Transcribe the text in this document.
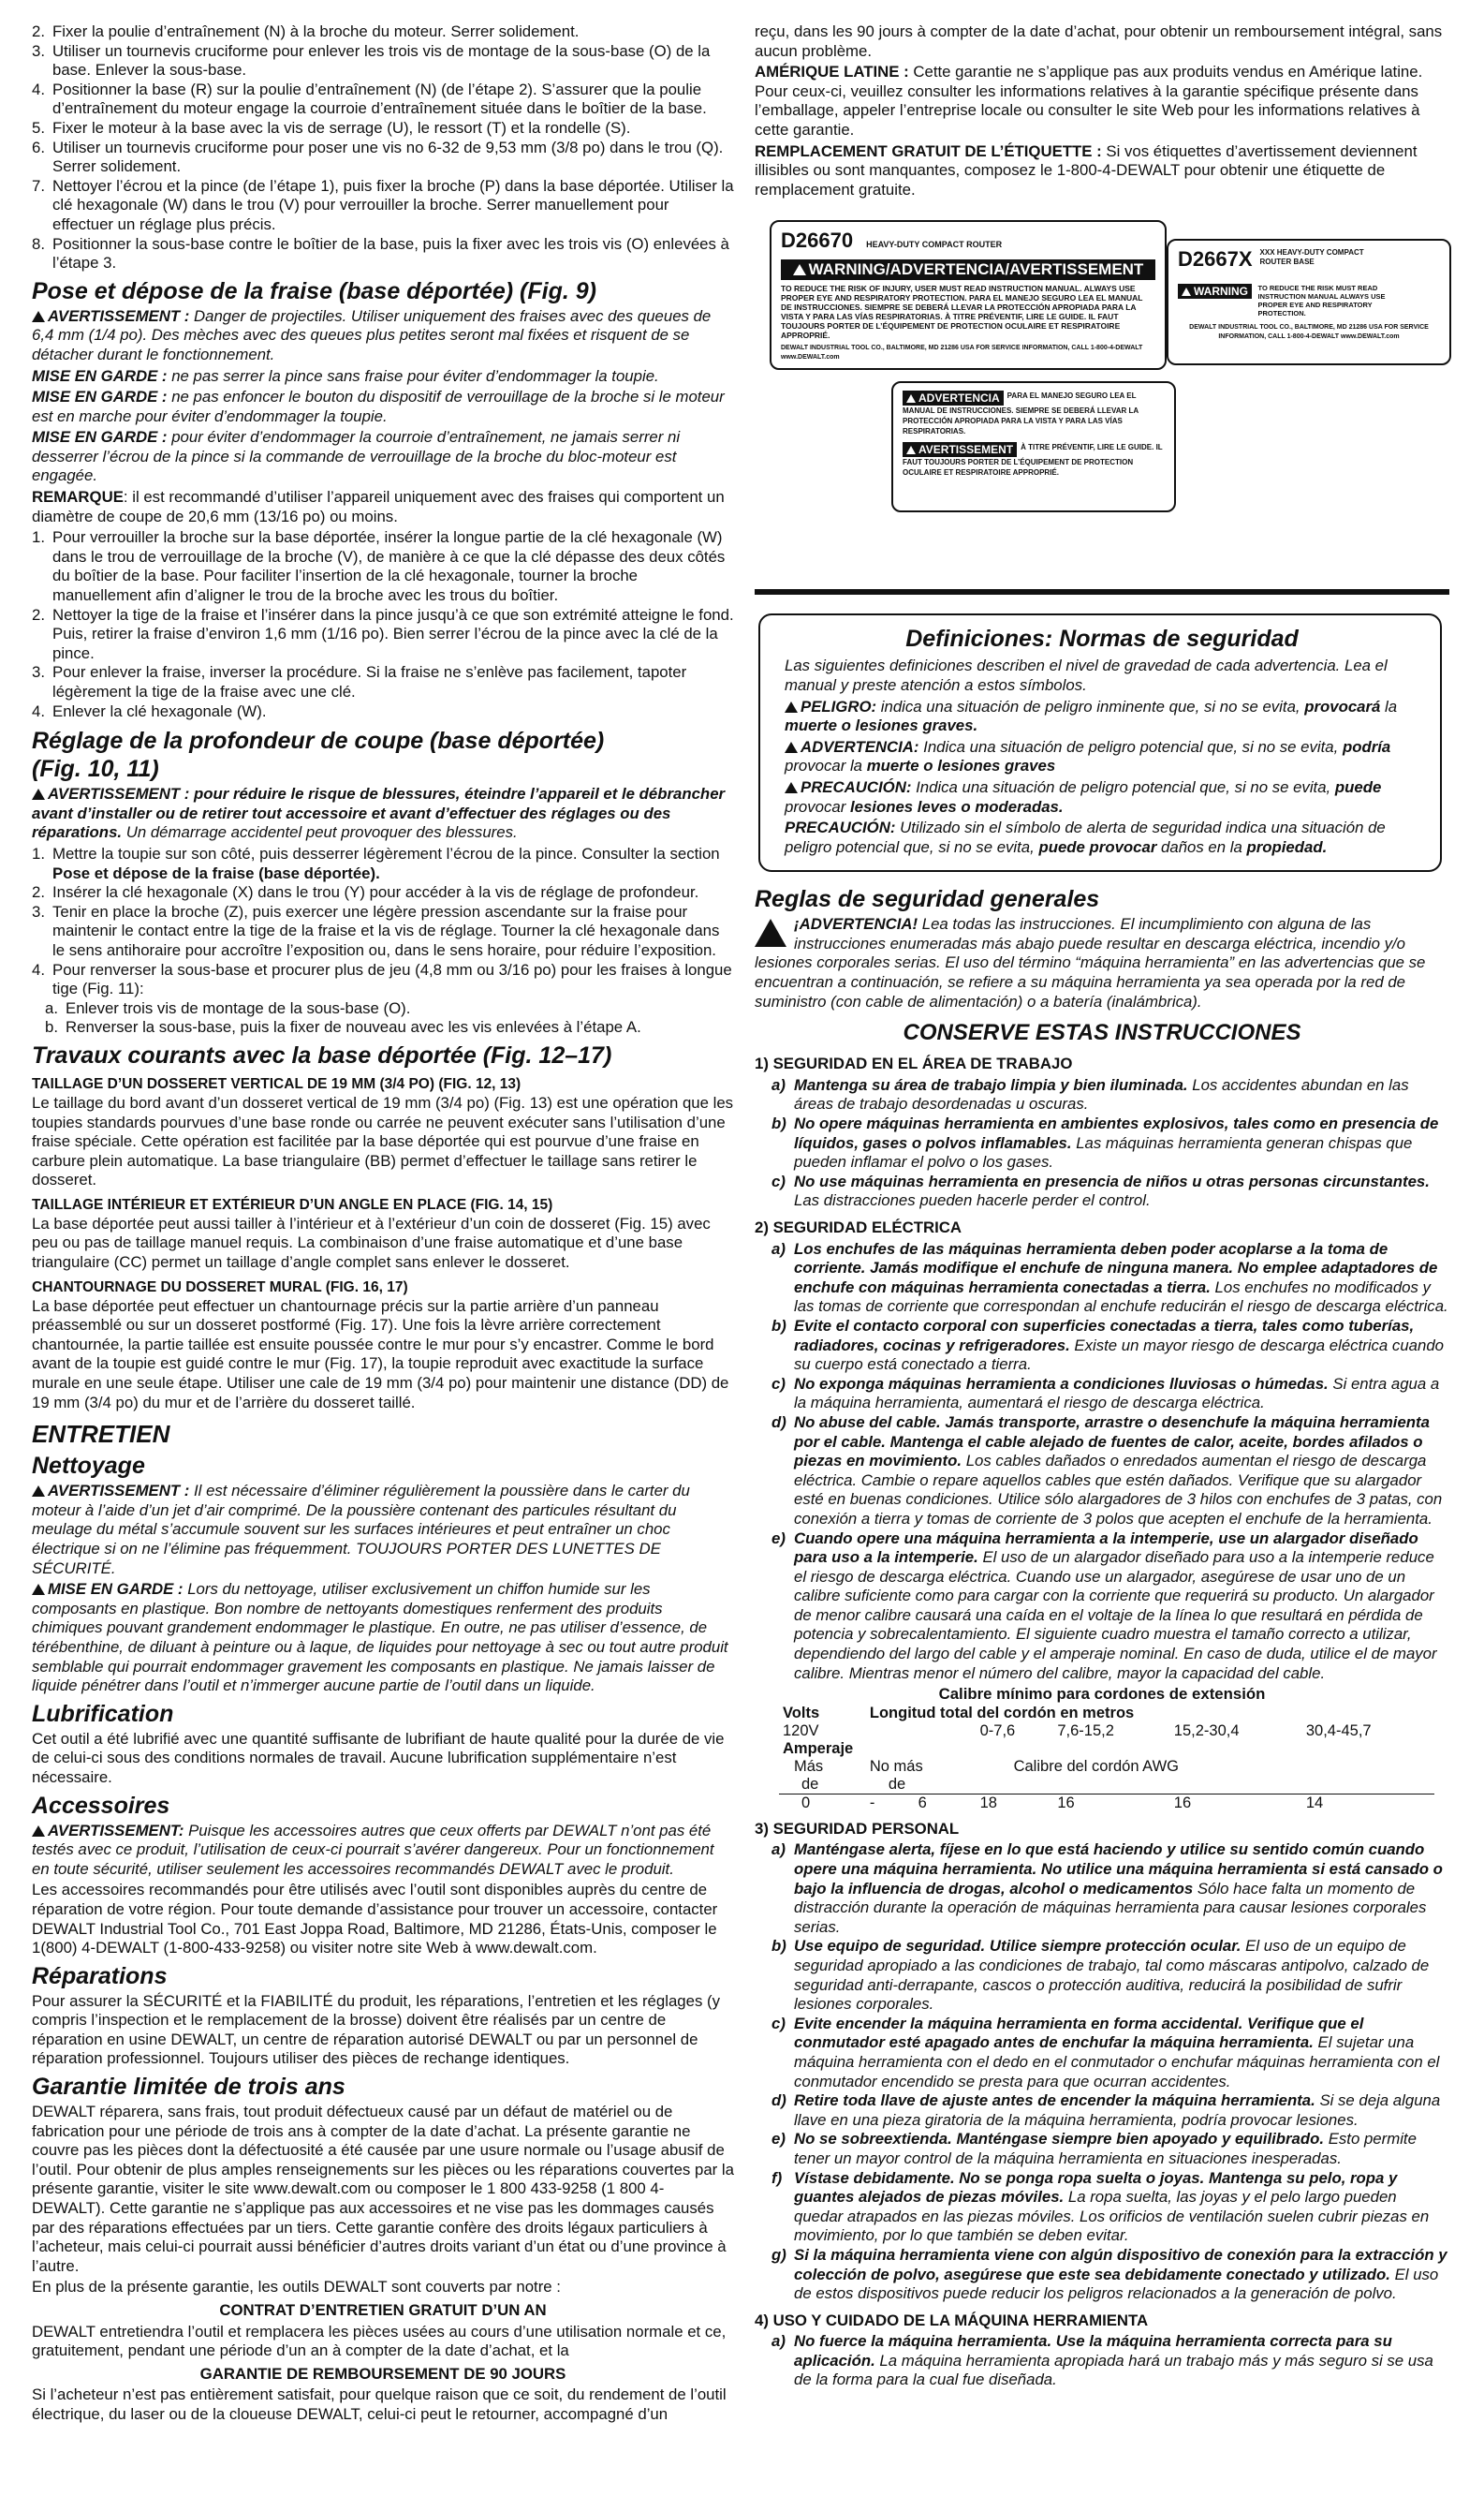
2. Fixer la poulie d’entraînement (N) à la broche du moteur. Serrer solidement.
3. Utiliser un tournevis cruciforme pour enlever les trois vis de montage de la sous-base (O) de la base. Enlever la sous-base.
4. Positionner la base (R) sur la poulie d’entraînement (N) (de l’étape 2). S’assurer que la poulie d’entraînement du moteur engage la courroie d’entraînement située dans le boîtier de la base.
5. Fixer le moteur à la base avec la vis de serrage (U), le ressort (T) et la rondelle (S).
6. Utiliser un tournevis cruciforme pour poser une vis no 6-32 de 9,53 mm (3/8 po) dans le trou (Q). Serrer solidement.
7. Nettoyer l’écrou et la pince (de l’étape 1), puis fixer la broche (P) dans la base déportée. Utiliser la clé hexagonale (W) dans le trou (V) pour verrouiller la broche. Serrer manuellement pour effectuer un réglage plus précis.
8. Positionner la sous-base contre le boîtier de la base, puis la fixer avec les trois vis (O) enlevées à l’étape 3.
Pose et dépose de la fraise (base déportée) (Fig. 9)

AVERTISSEMENT : Danger de projectiles. Utiliser uniquement des fraises avec des queues de 6,4 mm (1/4 po). Des mèches avec des queues plus petites seront mal fixées et risquent de se détacher durant le fonctionnement.

MISE EN GARDE : ne pas serrer la pince sans fraise pour éviter d’endommager la toupie.

MISE EN GARDE : ne pas enfoncer le bouton du dispositif de verrouillage de la broche si le moteur est en marche pour éviter d’endommager la toupie.

MISE EN GARDE : pour éviter d’endommager la courroie d’entraînement, ne jamais serrer ni desserrer l’écrou de la pince si la commande de verrouillage de la broche du bloc-moteur est engagée.

REMARQUE: il est recommandé d’utiliser l’appareil uniquement avec des fraises qui comportent un diamètre de coupe de 20,6 mm (13/16 po) ou moins.

1. Pour verrouiller la broche sur la base déportée, insérer la longue partie de la clé hexagonale (W) dans le trou de verrouillage de la broche (V), de manière à ce que la clé dépasse des deux côtés du boîtier de la base. Pour faciliter l’insertion de la clé hexagonale, tourner la broche manuellement afin d’aligner le trou de la broche avec les trous du boîtier.
2. Nettoyer la tige de la fraise et l’insérer dans la pince jusqu’à ce que son extrémité atteigne le fond. Puis, retirer la fraise d’environ 1,6 mm (1/16 po). Bien serrer l’écrou de la pince avec la clé de la pince.
3. Pour enlever la fraise, inverser la procédure. Si la fraise ne s’enlève pas facilement, tapoter légèrement la tige de la fraise avec une clé.
4. Enlever la clé hexagonale (W).
Réglage de la profondeur de coupe (base déportée)
(Fig. 10, 11)

AVERTISSEMENT : pour réduire le risque de blessures, éteindre l’appareil et le débrancher avant d’installer ou de retirer tout accessoire et avant d’effectuer des réglages ou des réparations. Un démarrage accidentel peut provoquer des blessures.

1. Mettre la toupie sur son côté, puis desserrer légèrement l’écrou de la pince. Consulter la section Pose et dépose de la fraise (base déportée).
2. Insérer la clé hexagonale (X) dans le trou (Y) pour accéder à la vis de réglage de profondeur.
3. Tenir en place la broche (Z), puis exercer une légère pression ascendante sur la fraise pour maintenir le contact entre la tige de la fraise et la vis de réglage. Tourner la clé hexagonale dans le sens antihoraire pour accroître l’exposition ou, dans le sens horaire, pour réduire l’exposition.
4. Pour renverser la sous-base et procurer plus de jeu (4,8 mm ou 3/16 po) pour les fraises à longue tige (Fig. 11):
a. Enlever trois vis de montage de la sous-base (O).
b. Renverser la sous-base, puis la fixer de nouveau avec les vis enlevées à l’étape A.
Travaux courants avec la base déportée (Fig. 12–17)
TAILLAGE D’UN DOSSERET VERTICAL DE 19 MM (3/4 PO) (FIG. 12, 13)

Le taillage du bord avant d’un dosseret vertical de 19 mm (3/4 po) (Fig. 13) est une opération que les toupies standards pourvues d’une base ronde ou carrée ne peuvent exécuter sans l’utilisation d’une fraise spéciale. Cette opération est facilitée par la base déportée qui est pourvue d’une fraise en carbure plein automatique. La base triangulaire (BB) permet d’effectuer le taillage sans retirer le dosseret.

TAILLAGE INTÉRIEUR ET EXTÉRIEUR D’UN ANGLE EN PLACE (FIG. 14, 15)

La base déportée peut aussi tailler à l’intérieur et à l’extérieur d’un coin de dosseret (Fig. 15) avec peu ou pas de taillage manuel requis. La combinaison d’une fraise automatique et d’une base triangulaire (CC) permet un taillage d’angle complet sans enlever le dosseret.

CHANTOURNAGE DU DOSSERET MURAL (FIG. 16, 17)

La base déportée peut effectuer un chantournage précis sur la partie arrière d’un panneau préassemblé ou sur un dosseret postformé (Fig. 17). Une fois la lèvre arrière correctement chantournée, la partie taillée est ensuite poussée contre le mur pour s’y encastrer. Comme le bord avant de la toupie est guidé contre le mur (Fig. 17), la toupie reproduit avec exactitude la surface murale en une seule étape. Utiliser une cale de 19 mm (3/4 po) pour maintenir une distance (DD) de 19 mm (3/4 po) du mur et de l’arrière du dosseret taillé.

ENTRETIEN
Nettoyage

AVERTISSEMENT : Il est nécessaire d’éliminer régulièrement la poussière dans le carter du moteur à l’aide d’un jet d’air comprimé. De la poussière contenant des particules résultant du meulage du métal s’accumule souvent sur les surfaces intérieures et peut entraîner un choc électrique si on ne l’élimine pas fréquemment. TOUJOURS PORTER DES LUNETTES DE SÉCURITÉ.

MISE EN GARDE : Lors du nettoyage, utiliser exclusivement un chiffon humide sur les composants en plastique. Bon nombre de nettoyants domestiques renferment des produits chimiques pouvant grandement endommager le plastique. En outre, ne pas utiliser d’essence, de térébenthine, de diluant à peinture ou à laque, de liquides pour nettoyage à sec ou tout autre produit semblable qui pourrait endommager gravement les composants en plastique. Ne jamais laisser de liquide pénétrer dans l’outil et n’immerger aucune partie de l’outil dans un liquide.

Lubrification

Cet outil a été lubrifié avec une quantité suffisante de lubrifiant de haute qualité pour la durée de vie de celui-ci sous des conditions normales de travail. Aucune lubrification supplémentaire n’est nécessaire.

Accessoires

AVERTISSEMENT: Puisque les accessoires autres que ceux offerts par DEWALT n’ont pas été testés avec ce produit, l’utilisation de ceux-ci pourrait s’avérer dangereux. Pour un fonctionnement en toute sécurité, utiliser seulement les accessoires recommandés DEWALT avec le produit.

Les accessoires recommandés pour être utilisés avec l’outil sont disponibles auprès du centre de réparation de votre région. Pour toute demande d’assistance pour trouver un accessoire, contacter DEWALT Industrial Tool Co., 701 East Joppa Road, Baltimore, MD 21286, États-Unis, composer le 1(800) 4-DEWALT (1-800-433-9258) ou visiter notre site Web à www.dewalt.com.

Réparations

Pour assurer la SÉCURITÉ et la FIABILITÉ du produit, les réparations, l’entretien et les réglages (y compris l’inspection et le remplacement de la brosse) doivent être réalisés par un centre de réparation en usine DEWALT, un centre de réparation autorisé DEWALT ou par un personnel de réparation professionnel. Toujours utiliser des pièces de rechange identiques.

Garantie limitée de trois ans

DEWALT réparera, sans frais, tout produit défectueux causé par un défaut de matériel ou de fabrication pour une période de trois ans à compter de la date d’achat. La présente garantie ne couvre pas les pièces dont la défectuosité a été causée par une usure normale ou l’usage abusif de l’outil. Pour obtenir de plus amples renseignements sur les pièces ou les réparations couvertes par la présente garantie, visiter le site www.dewalt.com ou composer le 1 800 433-9258 (1 800 4-DEWALT). Cette garantie ne s’applique pas aux accessoires et ne vise pas les dommages causés par des réparations effectuées par un tiers. Cette garantie confère des droits légaux particuliers à l’acheteur, mais celui-ci pourrait aussi bénéficier d’autres droits variant d’un état ou d’une province à l’autre.

En plus de la présente garantie, les outils DEWALT sont couverts par notre :

CONTRAT D’ENTRETIEN GRATUIT D’UN AN

DEWALT entretiendra l’outil et remplacera les pièces usées au cours d’une utilisation normale et ce, gratuitement, pendant une période d’un an à compter de la date d’achat, et la

GARANTIE DE REMBOURSEMENT DE 90 JOURS

Si l’acheteur n’est pas entièrement satisfait, pour quelque raison que ce soit, du rendement de l’outil électrique, du laser ou de la cloueuse DEWALT, celui-ci peut le retourner, accompagné d’un

reçu, dans les 90 jours à compter de la date d’achat, pour obtenir un remboursement intégral, sans aucun problème.

AMÉRIQUE LATINE : Cette garantie ne s’applique pas aux produits vendus en Amérique latine. Pour ceux-ci, veuillez consulter les informations relatives à la garantie spécifique présente dans l’emballage, appeler l’entreprise locale ou consulter le site Web pour les informations relatives à cette garantie.

REMPLACEMENT GRATUIT DE L’ÉTIQUETTE : Si vos étiquettes d’avertissement deviennent illisibles ou sont manquantes, composez le 1-800-4-DEWALT pour obtenir une étiquette de remplacement gratuite.

D26670 HEAVY-DUTY COMPACT ROUTER
WARNING/ADVERTENCIA/AVERTISSEMENT
TO REDUCE THE RISK OF INJURY, USER MUST READ INSTRUCTION MANUAL. ALWAYS USE PROPER EYE AND RESPIRATORY PROTECTION. PARA EL MANEJO SEGURO LEA EL MANUAL DE INSTRUCCIONES. SIEMPRE SE DEBERÁ LLEVAR LA PROTECCIÓN APROPIADA PARA LA VISTA Y PARA LAS VÍAS RESPIRATORIAS. À TITRE PRÉVENTIF, LIRE LE GUIDE. IL FAUT TOUJOURS PORTER DE L’ÉQUIPEMENT DE PROTECTION OCULAIRE ET RESPIRATOIRE APPROPRIÉ.
DEWALT INDUSTRIAL TOOL CO., BALTIMORE, MD 21286 USA FOR SERVICE INFORMATION, CALL 1-800-4-DEWALT www.DEWALT.com
D2667X XXX HEAVY-DUTY COMPACT ROUTER BASE
WARNING TO REDUCE THE RISK MUST READ INSTRUCTION MANUAL ALWAYS USE PROPER EYE AND RESPIRATORY PROTECTION.
DEWALT INDUSTRIAL TOOL CO., BALTIMORE, MD 21286 USA FOR SERVICE INFORMATION, CALL 1-800-4-DEWALT www.DEWALT.com
ADVERTENCIA PARA EL MANEJO SEGURO LEA EL MANUAL DE INSTRUCCIONES. SIEMPRE SE DEBERÁ LLEVAR LA PROTECCIÓN APROPIADA PARA LA VISTA Y PARA LAS VÍAS RESPIRATORIAS.
AVERTISSEMENT À TITRE PRÉVENTIF, LIRE LE GUIDE. IL FAUT TOUJOURS PORTER DE L’ÉQUIPEMENT DE PROTECTION OCULAIRE ET RESPIRATOIRE APPROPRIÉ.
Definiciones: Normas de seguridad

Las siguientes definiciones describen el nivel de gravedad de cada advertencia. Lea el manual y preste atención a estos símbolos.

PELIGRO: indica una situación de peligro inminente que, si no se evita, provocará la muerte o lesiones graves.

ADVERTENCIA: Indica una situación de peligro potencial que, si no se evita, podría provocar la muerte o lesiones graves

PRECAUCIÓN: Indica una situación de peligro potencial que, si no se evita, puede provocar lesiones leves o moderadas.

PRECAUCIÓN: Utilizado sin el símbolo de alerta de seguridad indica una situación de peligro potencial que, si no se evita, puede provocar daños en la propiedad.

Reglas de seguridad generales

¡ADVERTENCIA! Lea todas las instrucciones. El incumplimiento con alguna de las instrucciones enumeradas más abajo puede resultar en descarga eléctrica, incendio y/o lesiones corporales serias. El uso del término “máquina herramienta” en las advertencias que se encuentran a continuación, se refiere a su máquina herramienta ya sea operada por la red de suministro (con cable de alimentación) o a batería (inalámbrica).

CONSERVE ESTAS INSTRUCCIONES

1) SEGURIDAD EN EL ÁREA DE TRABAJO

a) Mantenga su área de trabajo limpia y bien iluminada. Los accidentes abundan en las áreas de trabajo desordenadas u oscuras.
b) No opere máquinas herramienta en ambientes explosivos, tales como en presencia de líquidos, gases o polvos inflamables. Las máquinas herramienta generan chispas que pueden inflamar el polvo o los gases.
c) No use máquinas herramienta en presencia de niños u otras personas circunstantes. Las distracciones pueden hacerle perder el control.

2) SEGURIDAD ELÉCTRICA

a) Los enchufes de las máquinas herramienta deben poder acoplarse a la toma de corriente. Jamás modifique el enchufe de ninguna manera. No emplee adaptadores de enchufe con máquinas herramienta conectadas a tierra. Los enchufes no modificados y las tomas de corriente que correspondan al enchufe reducirán el riesgo de descarga eléctrica.
b) Evite el contacto corporal con superficies conectadas a tierra, tales como tuberías, radiadores, cocinas y refrigeradores. Existe un mayor riesgo de descarga eléctrica cuando su cuerpo está conectado a tierra.
c) No exponga máquinas herramienta a condiciones lluviosas o húmedas. Si entra agua a la máquina herramienta, aumentará el riesgo de descarga eléctrica.
d) No abuse del cable. Jamás transporte, arrastre o desenchufe la máquina herramienta por el cable. Mantenga el cable alejado de fuentes de calor, aceite, bordes afilados o piezas en movimiento. Los cables dañados o enredados aumentan el riesgo de descarga eléctrica. Cambie o repare aquellos cables que estén dañados. Verifique que su alargador esté en buenas condiciones. Utilice sólo alargadores de 3 hilos con enchufes de 3 patas, con conexión a tierra y tomas de corriente de 3 polos que acepten el enchufe de la herramienta.
e) Cuando opere una máquina herramienta a la intemperie, use un alargador diseñado para uso a la intemperie. El uso de un alargador diseñado para uso a la intemperie reduce el riesgo de descarga eléctrica. Cuando use un alargador, asegúrese de usar uno de un calibre suficiente como para cargar con la corriente que requerirá su producto. Un alargador de menor calibre causará una caída en el voltaje de la línea lo que resultará en pérdida de potencia y sobrecalentamiento. El siguiente cuadro muestra el tamaño correcto a utilizar, dependiendo del largo del cable y el amperaje nominal. En caso de duda, utilice el de mayor calibre. Mientras menor el número del calibre, mayor la capacidad del cable.

Calibre mínimo para cordones de extensión

Volts	Longitud total del cordón en metros					
120V			0-7,6	7,6-15,2	15,2-30,4	30,4-45,7
Amperaje						
Más	No más		Calibre del cordón AWG			
de	de					
0	-	6	18	16	16	14

3) SEGURIDAD PERSONAL

a) Manténgase alerta, fíjese en lo que está haciendo y utilice su sentido común cuando opere una máquina herramienta. No utilice una máquina herramienta si está cansado o bajo la influencia de drogas, alcohol o medicamentos Sólo hace falta un momento de distracción durante la operación de máquinas herramienta para causar lesiones corporales serias.
b) Use equipo de seguridad. Utilice siempre protección ocular. El uso de un equipo de seguridad apropiado a las condiciones de trabajo, tal como máscaras antipolvo, calzado de seguridad anti-derrapante, cascos o protección auditiva, reducirá la posibilidad de sufrir lesiones corporales.
c) Evite encender la máquina herramienta en forma accidental. Verifique que el conmutador esté apagado antes de enchufar la máquina herramienta. El sujetar una máquina herramienta con el dedo en el conmutador o enchufar máquinas herramienta con el conmutador encendido se presta para que ocurran accidentes.
d) Retire toda llave de ajuste antes de encender la máquina herramienta. Si se deja alguna llave en una pieza giratoria de la máquina herramienta, podría provocar lesiones.
e) No se sobreextienda. Manténgase siempre bien apoyado y equilibrado. Esto permite tener un mayor control de la máquina herramienta en situaciones inesperadas.
f) Vístase debidamente. No se ponga ropa suelta o joyas. Mantenga su pelo, ropa y guantes alejados de piezas móviles. La ropa suelta, las joyas y el pelo largo pueden quedar atrapados en las piezas móviles. Los orificios de ventilación suelen cubrir piezas en movimiento, por lo que también se deben evitar.
g) Si la máquina herramienta viene con algún dispositivo de conexión para la extracción y colección de polvo, asegúrese que este sea debidamente conectado y utilizado. El uso de estos dispositivos puede reducir los peligros relacionados a la generación de polvo.

4) USO Y CUIDADO DE LA MÁQUINA HERRAMIENTA

a) No fuerce la máquina herramienta. Use la máquina herramienta correcta para su aplicación. La máquina herramienta apropiada hará un trabajo más y más seguro si se usa de la forma para la cual fue diseñada.
